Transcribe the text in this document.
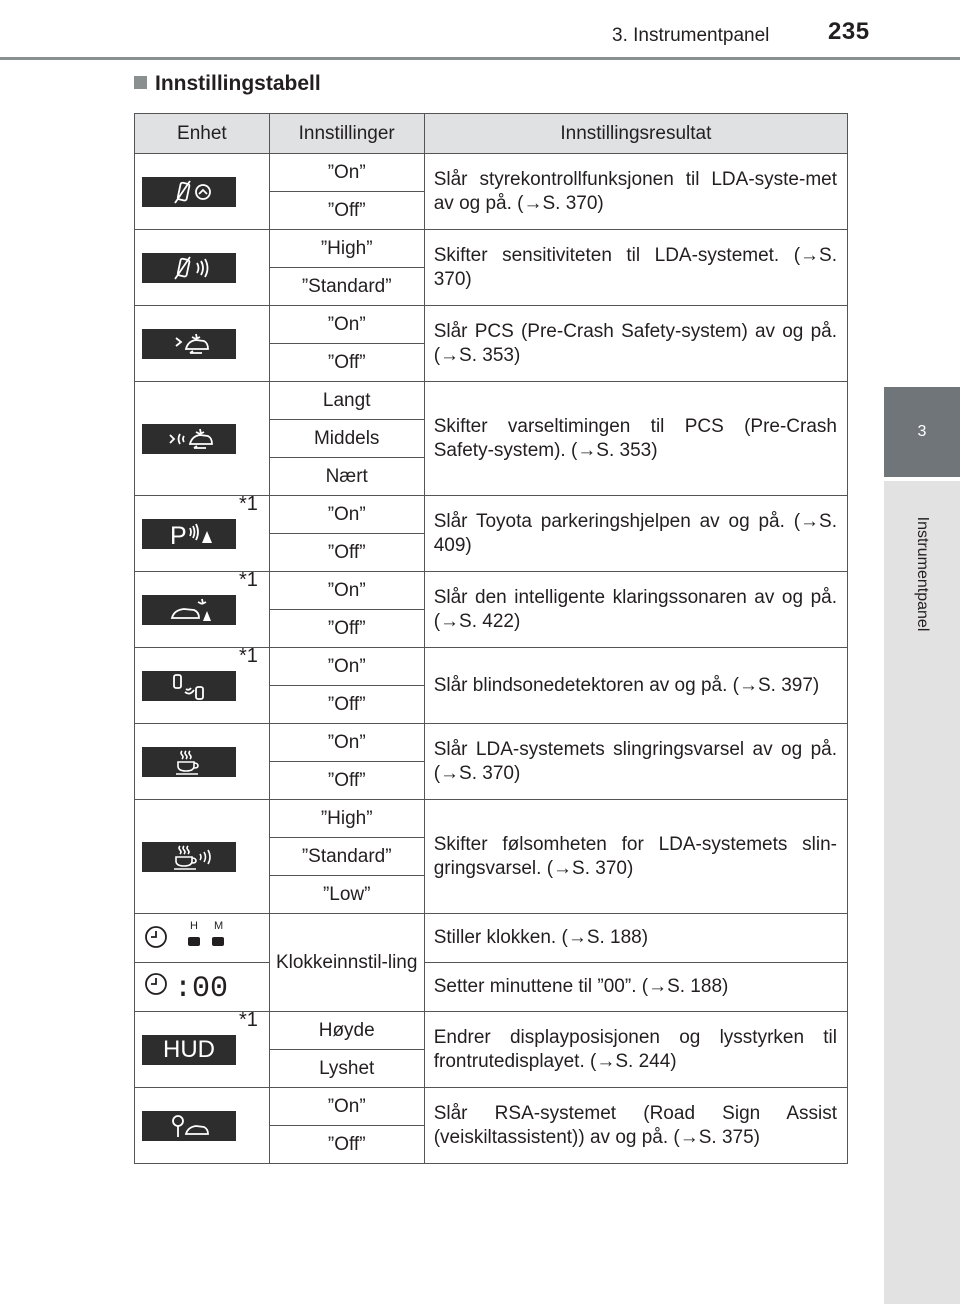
3. Instrumentpanel 235
3
Instrumentpanel
Innstillingstabell
Enhet	Innstillinger	Innstillingsresultat

	”On”	Slår styrekontrollfunksjonen til LDA-syste-met av og på. (→S. 370)
	”Off”	

	”High”	Skifter sensitiviteten til LDA-systemet. (→S. 370)
	”Standard”	

	”On”	Slår PCS (Pre-Crash Safety-system) av og på. (→S. 353)
	”Off”	

	Langt	Skifter varseltimingen til PCS (Pre-Crash Safety-system). (→S. 353)
	Middels	
	Nært	

P
*1	”On”	Slår Toyota parkeringshjelpen av og på. (→S. 409)
	”Off”	

*1	”On”	Slår den intelligente klaringssonaren av og på. (→S. 422)
	”Off”	

*1	”On”	Slår blindsonedetektoren av og på. (→S. 397)
	”Off”	

	”On”	Slår LDA-systemets slingringsvarsel av og på. (→S. 370)
	”Off”	

	”High”	Skifter følsomheten for LDA-systemets slin-gringsvarsel. (→S. 370)
	”Standard”	
	”Low”	

H M	Klokkeinnstil-ling	Stiller klokken. (→S. 188)

:00		Setter minuttene til ”00”. (→S. 188)
HUD
*1	Høyde	Endrer displayposisjonen og lysstyrken til frontrutedisplayet. (→S. 244)
	Lyshet	

	”On”	Slår RSA-systemet (Road Sign Assist (veiskiltassistent)) av og på. (→S. 375)
	”Off”	
